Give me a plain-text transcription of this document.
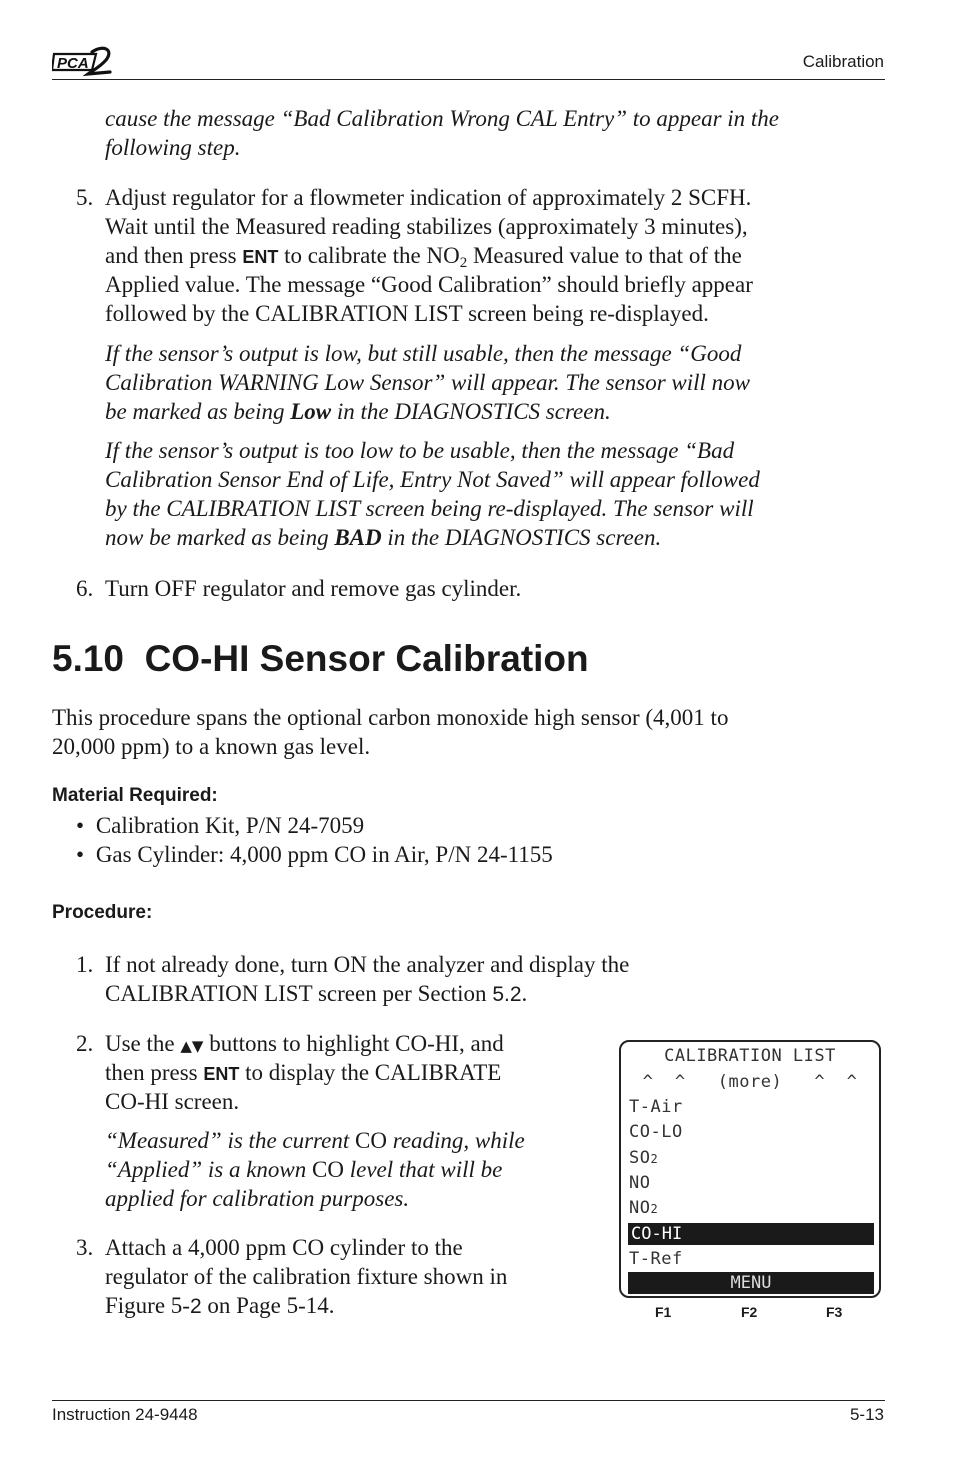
PCA	Calibration
cause the message “Bad Calibration Wrong CAL Entry” to appear in the
following step.
5. Adjust regulator for a flowmeter indication of approximately 2 SCFH.
Wait until the Measured reading stabilizes (approximately 3 minutes),
and then press ENT to calibrate the $NO_2$ Measured value to that of the
Applied value. The message “Good Calibration” should briefly appear
followed by the CALIBRATION LIST screen being re-displayed.
If the sensor’s output is low, but still usable, then the message “Good
Calibration WARNING Low Sensor” will appear. The sensor will now
be marked as being Low in the DIAGNOSTICS screen.
If the sensor’s output is too low to be usable, then the message “Bad
Calibration Sensor End of Life, Entry Not Saved” will appear followed
by the CALIBRATION LIST screen being re-displayed. The sensor will
now be marked as being BAD in the DIAGNOSTICS screen.
6. Turn OFF regulator and remove gas cylinder.
5.10  CO-HI Sensor Calibration
This procedure spans the optional carbon monoxide high sensor (4,001 to
20,000 ppm) to a known gas level.
Material Required:
• Calibration Kit, P/N 24-7059
• Gas Cylinder: 4,000 ppm CO in Air, P/N 24-1155
Procedure:
1. If not already done, turn ON the analyzer and display the
CALIBRATION LIST screen per Section 5.2.
2. Use the ▲▼ buttons to highlight CO-HI, and
then press ENT to display the CALIBRATE
CO-HI screen.
“Measured” is the current CO reading, while
“Applied” is a known CO level that will be
applied for calibration purposes.
3. Attach a 4,000 ppm CO cylinder to the
regulator of the calibration fixture shown in
Figure 5-2 on Page 5-14.
CALIBRATION LIST
^  ^   (more)   ^  ^
T-Air
CO-LO
SO2
NO
NO2
CO-HI
T-Ref
MENU
F1	F2	F3
Instruction 24-9448	5-13
